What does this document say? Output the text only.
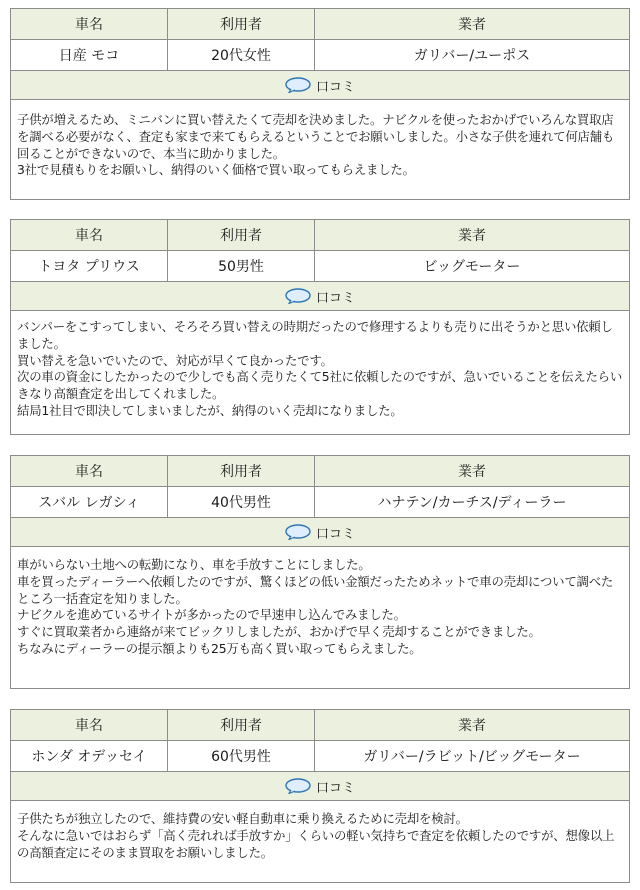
車名	利用者	業者
日産 モコ	20代女性	ガリバー/ユーポス
口コミ

子供が増えるため、ミニバンに買い替えたくて売却を決めました。ナビクルを使ったおかげでいろんな買取店を調べる必要がなく、査定も家まで来てもらえるということでお願いしました。小さな子供を連れて何店舗も回ることができないので、本当に助かりました。

3社で見積もりをお願いし、納得のいく価格で買い取ってもらえました。

車名	利用者	業者
トヨタ プリウス	50男性	ビッグモーター
口コミ

バンパーをこすってしまい、そろそろ買い替えの時期だったので修理するよりも売りに出そうかと思い依頼しました。

買い替えを急いでいたので、対応が早くて良かったです。

次の車の資金にしたかったので少しでも高く売りたくて5社に依頼したのですが、急いでいることを伝えたらいきなり高額査定を出してくれました。

結局1社目で即決してしまいましたが、納得のいく売却になりました。

車名	利用者	業者
スバル レガシィ	40代男性	ハナテン/カーチス/ディーラー
口コミ

車がいらない土地への転勤になり、車を手放すことにしました。

車を買ったディーラーへ依頼したのですが、驚くほどの低い金額だったためネットで車の売却について調べたところ一括査定を知りました。

ナビクルを進めているサイトが多かったので早速申し込んでみました。

すぐに買取業者から連絡が来てビックリしましたが、おかげで早く売却することができました。

ちなみにディーラーの提示額よりも25万も高く買い取ってもらえました。

車名	利用者	業者
ホンダ オデッセイ	60代男性	ガリバー/ラビット/ビッグモーター
口コミ

子供たちが独立したので、維持費の安い軽自動車に乗り換えるために売却を検討。

そんなに急いではおらず「高く売れれば手放すか」くらいの軽い気持ちで査定を依頼したのですが、想像以上の高額査定にそのまま買取をお願いしました。
